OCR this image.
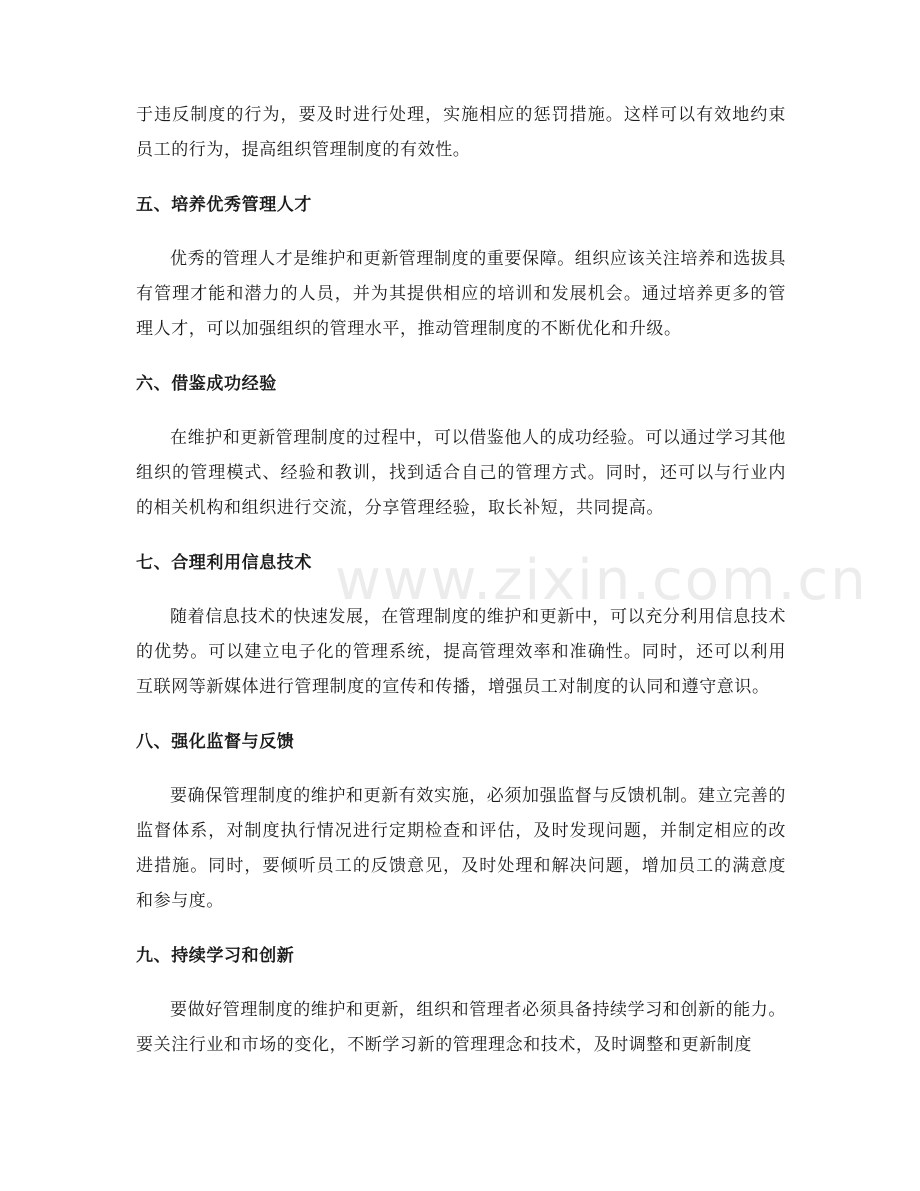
于违反制度的行为，要及时进行处理，实施相应的惩罚措施。这样可以有效地约束员工的行为，提高组织管理制度的有效性。

五、培养优秀管理人才

优秀的管理人才是维护和更新管理制度的重要保障。组织应该关注培养和选拔具有管理才能和潜力的人员，并为其提供相应的培训和发展机会。通过培养更多的管理人才，可以加强组织的管理水平，推动管理制度的不断优化和升级。

六、借鉴成功经验

在维护和更新管理制度的过程中，可以借鉴他人的成功经验。可以通过学习其他组织的管理模式、经验和教训，找到适合自己的管理方式。同时，还可以与行业内的相关机构和组织进行交流，分享管理经验，取长补短，共同提高。

七、合理利用信息技术

随着信息技术的快速发展，在管理制度的维护和更新中，可以充分利用信息技术的优势。可以建立电子化的管理系统，提高管理效率和准确性。同时，还可以利用互联网等新媒体进行管理制度的宣传和传播，增强员工对制度的认同和遵守意识。

八、强化监督与反馈

要确保管理制度的维护和更新有效实施，必须加强监督与反馈机制。建立完善的监督体系，对制度执行情况进行定期检查和评估，及时发现问题，并制定相应的改进措施。同时，要倾听员工的反馈意见，及时处理和解决问题，增加员工的满意度和参与度。

九、持续学习和创新

要做好管理制度的维护和更新，组织和管理者必须具备持续学习和创新的能力。要关注行业和市场的变化，不断学习新的管理理念和技术，及时调整和更新制度

www.zixin.com.cn
